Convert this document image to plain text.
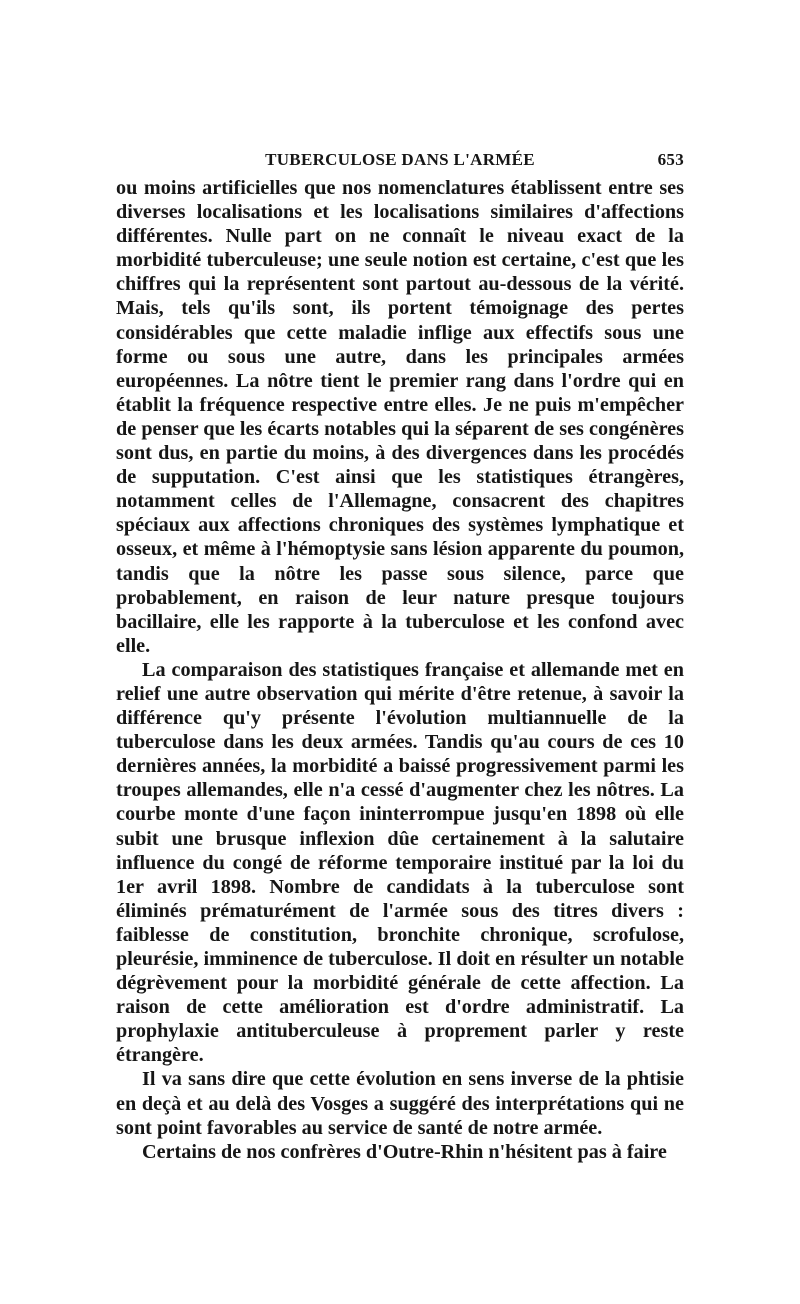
TUBERCULOSE DANS L'ARMÉE	653

ou moins artificielles que nos nomenclatures établissent entre ses diverses localisations et les localisations similaires d'affections différentes. Nulle part on ne connaît le niveau exact de la morbidité tuberculeuse; une seule notion est certaine, c'est que les chiffres qui la représentent sont partout au-dessous de la vérité. Mais, tels qu'ils sont, ils portent témoignage des pertes considérables que cette maladie inflige aux effectifs sous une forme ou sous une autre, dans les principales armées européennes. La nôtre tient le premier rang dans l'ordre qui en établit la fréquence respective entre elles. Je ne puis m'empêcher de penser que les écarts notables qui la séparent de ses congénères sont dus, en partie du moins, à des divergences dans les procédés de supputation. C'est ainsi que les statistiques étrangères, notamment celles de l'Allemagne, consacrent des chapitres spéciaux aux affections chroniques des systèmes lymphatique et osseux, et même à l'hémoptysie sans lésion apparente du poumon, tandis que la nôtre les passe sous silence, parce que probablement, en raison de leur nature presque toujours bacillaire, elle les rapporte à la tuberculose et les confond avec elle.

La comparaison des statistiques française et allemande met en relief une autre observation qui mérite d'être retenue, à savoir la différence qu'y présente l'évolution multiannuelle de la tuberculose dans les deux armées. Tandis qu'au cours de ces 10 dernières années, la morbidité a baissé progressivement parmi les troupes allemandes, elle n'a cessé d'augmenter chez les nôtres. La courbe monte d'une façon ininterrompue jusqu'en 1898 où elle subit une brusque inflexion dûe certainement à la salutaire influence du congé de réforme temporaire institué par la loi du 1er avril 1898. Nombre de candidats à la tuberculose sont éliminés prématurément de l'armée sous des titres divers : faiblesse de constitution, bronchite chronique, scrofulose, pleurésie, imminence de tuberculose. Il doit en résulter un notable dégrèvement pour la morbidité générale de cette affection. La raison de cette amélioration est d'ordre administratif. La prophylaxie antituberculeuse à proprement parler y reste étrangère.

Il va sans dire que cette évolution en sens inverse de la phtisie en deçà et au delà des Vosges a suggéré des interprétations qui ne sont point favorables au service de santé de notre armée.

Certains de nos confrères d'Outre-Rhin n'hésitent pas à faire
